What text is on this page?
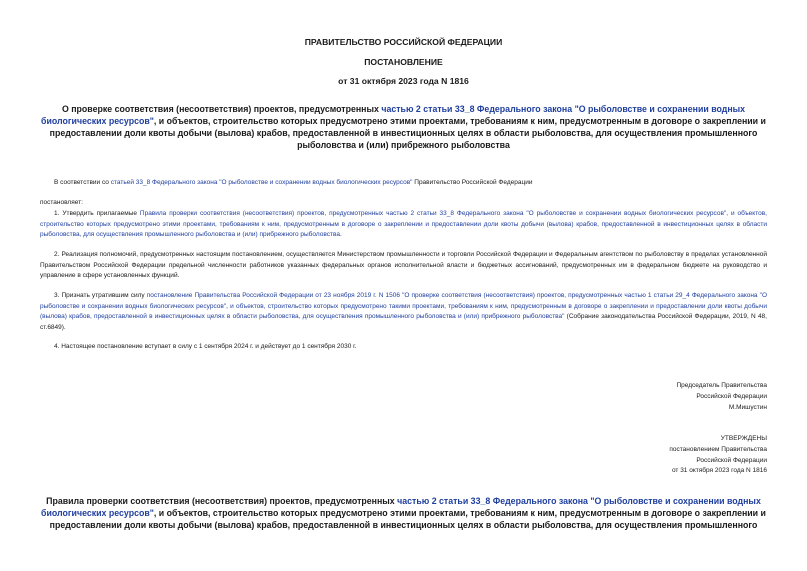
ПРАВИТЕЛЬСТВО РОССИЙСКОЙ ФЕДЕРАЦИИ
ПОСТАНОВЛЕНИЕ
от 31 октября 2023 года N 1816
О проверке соответствия (несоответствия) проектов, предусмотренных частью 2 статьи 33_8 Федерального закона "О рыболовстве и сохранении водных биологических ресурсов", и объектов, строительство которых предусмотрено этими проектами, требованиям к ним, предусмотренным в договоре о закреплении и предоставлении доли квоты добычи (вылова) крабов, предоставленной в инвестиционных целях в области рыболовства, для осуществления промышленного рыболовства и (или) прибрежного рыболовства
В соответствии со статьей 33_8 Федерального закона "О рыболовстве и сохранении водных биологических ресурсов" Правительство Российской Федерации
постановляет:
1. Утвердить прилагаемые Правила проверки соответствия (несоответствия) проектов, предусмотренных частью 2 статьи 33_8 Федерального закона "О рыболовстве и сохранении водных биологических ресурсов", и объектов, строительство которых предусмотрено этими проектами, требованиям к ним, предусмотренным в договоре о закреплении и предоставлении доли квоты добычи (вылова) крабов, предоставленной в инвестиционных целях в области рыболовства, для осуществления промышленного рыболовства и (или) прибрежного рыболовства.
2. Реализация полномочий, предусмотренных настоящим постановлением, осуществляется Министерством промышленности и торговли Российской Федерации и Федеральным агентством по рыболовству в пределах установленной Правительством Российской Федерации предельной численности работников указанных федеральных органов исполнительной власти и бюджетных ассигнований, предусмотренных им в федеральном бюджете на руководство и управление в сфере установленных функций.
3. Признать утратившим силу постановление Правительства Российской Федерации от 23 ноября 2019 г. N 1506 "О проверке соответствия (несоответствия) проектов, предусмотренных частью 1 статьи 29_4 Федерального закона "О рыболовстве и сохранении водных биологических ресурсов", и объектов, строительство которых предусмотрено такими проектами, требованиям к ним, предусмотренным в договоре о закреплении и предоставлении доли квоты добычи (вылова) крабов, предоставленной в инвестиционных целях в области рыболовства, для осуществления промышленного рыболовства и (или) прибрежного рыболовства" (Собрание законодательства Российской Федерации, 2019, N 48, ст.6849).
4. Настоящее постановление вступает в силу с 1 сентября 2024 г. и действует до 1 сентября 2030 г.
Председатель Правительства
Российской Федерации
М.Мишустин
УТВЕРЖДЕНЫ
постановлением Правительства
Российской Федерации
от 31 октября 2023 года N 1816
Правила проверки соответствия (несоответствия) проектов, предусмотренных частью 2 статьи 33_8 Федерального закона "О рыболовстве и сохранении водных биологических ресурсов", и объектов, строительство которых предусмотрено этими проектами, требованиям к ним, предусмотренным в договоре о закреплении и предоставлении доли квоты добычи (вылова) крабов, предоставленной в инвестиционных целях в области рыболовства, для осуществления промышленного
